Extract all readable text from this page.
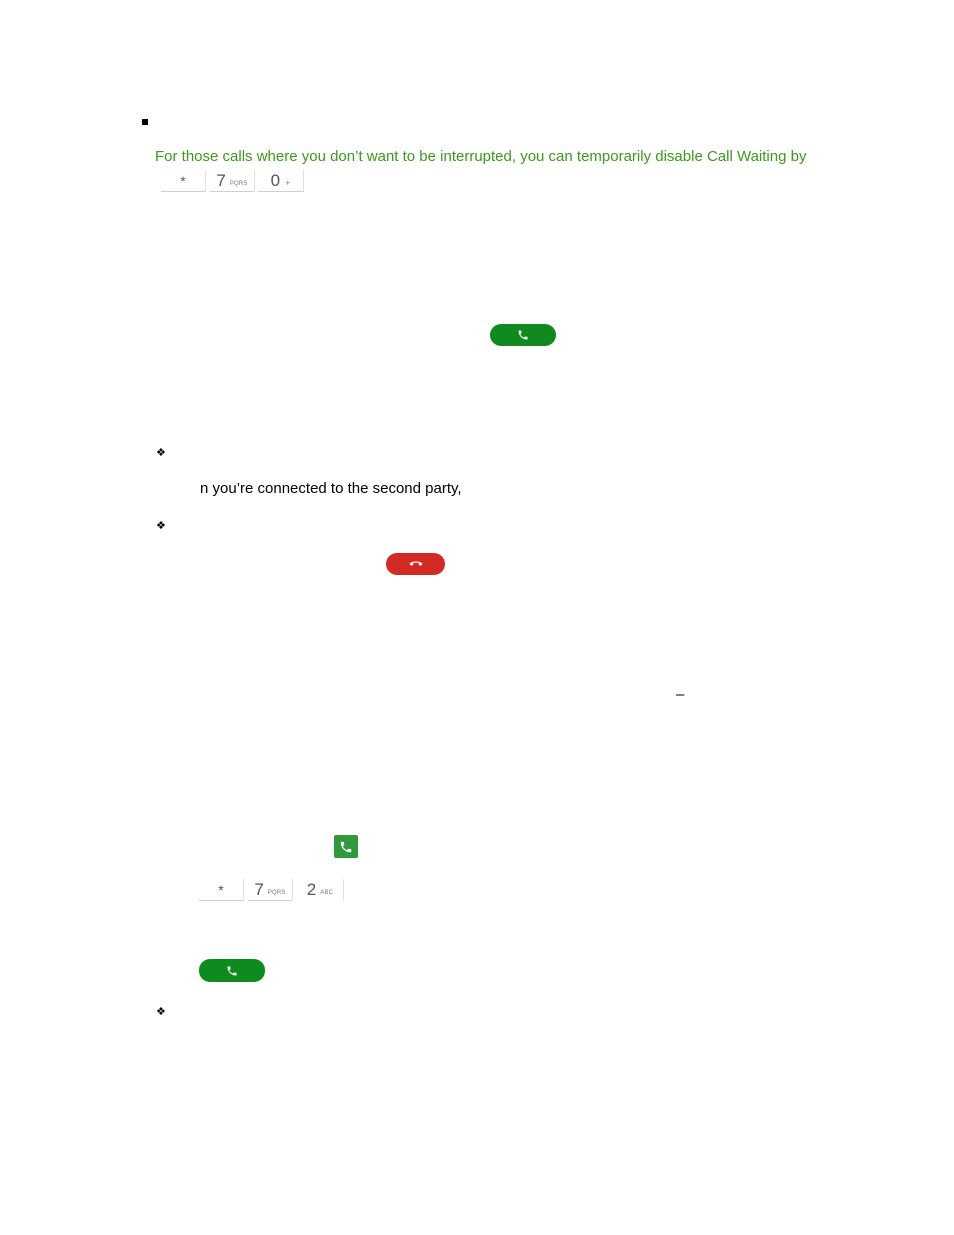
For those calls where you don’t want to be interrupted, you can temporarily disable Call Waiting by
* 7 PQRS 0 +
❖
n you’re connected to the second party,
❖
–
* 7 PQRS 2 ABC
❖
